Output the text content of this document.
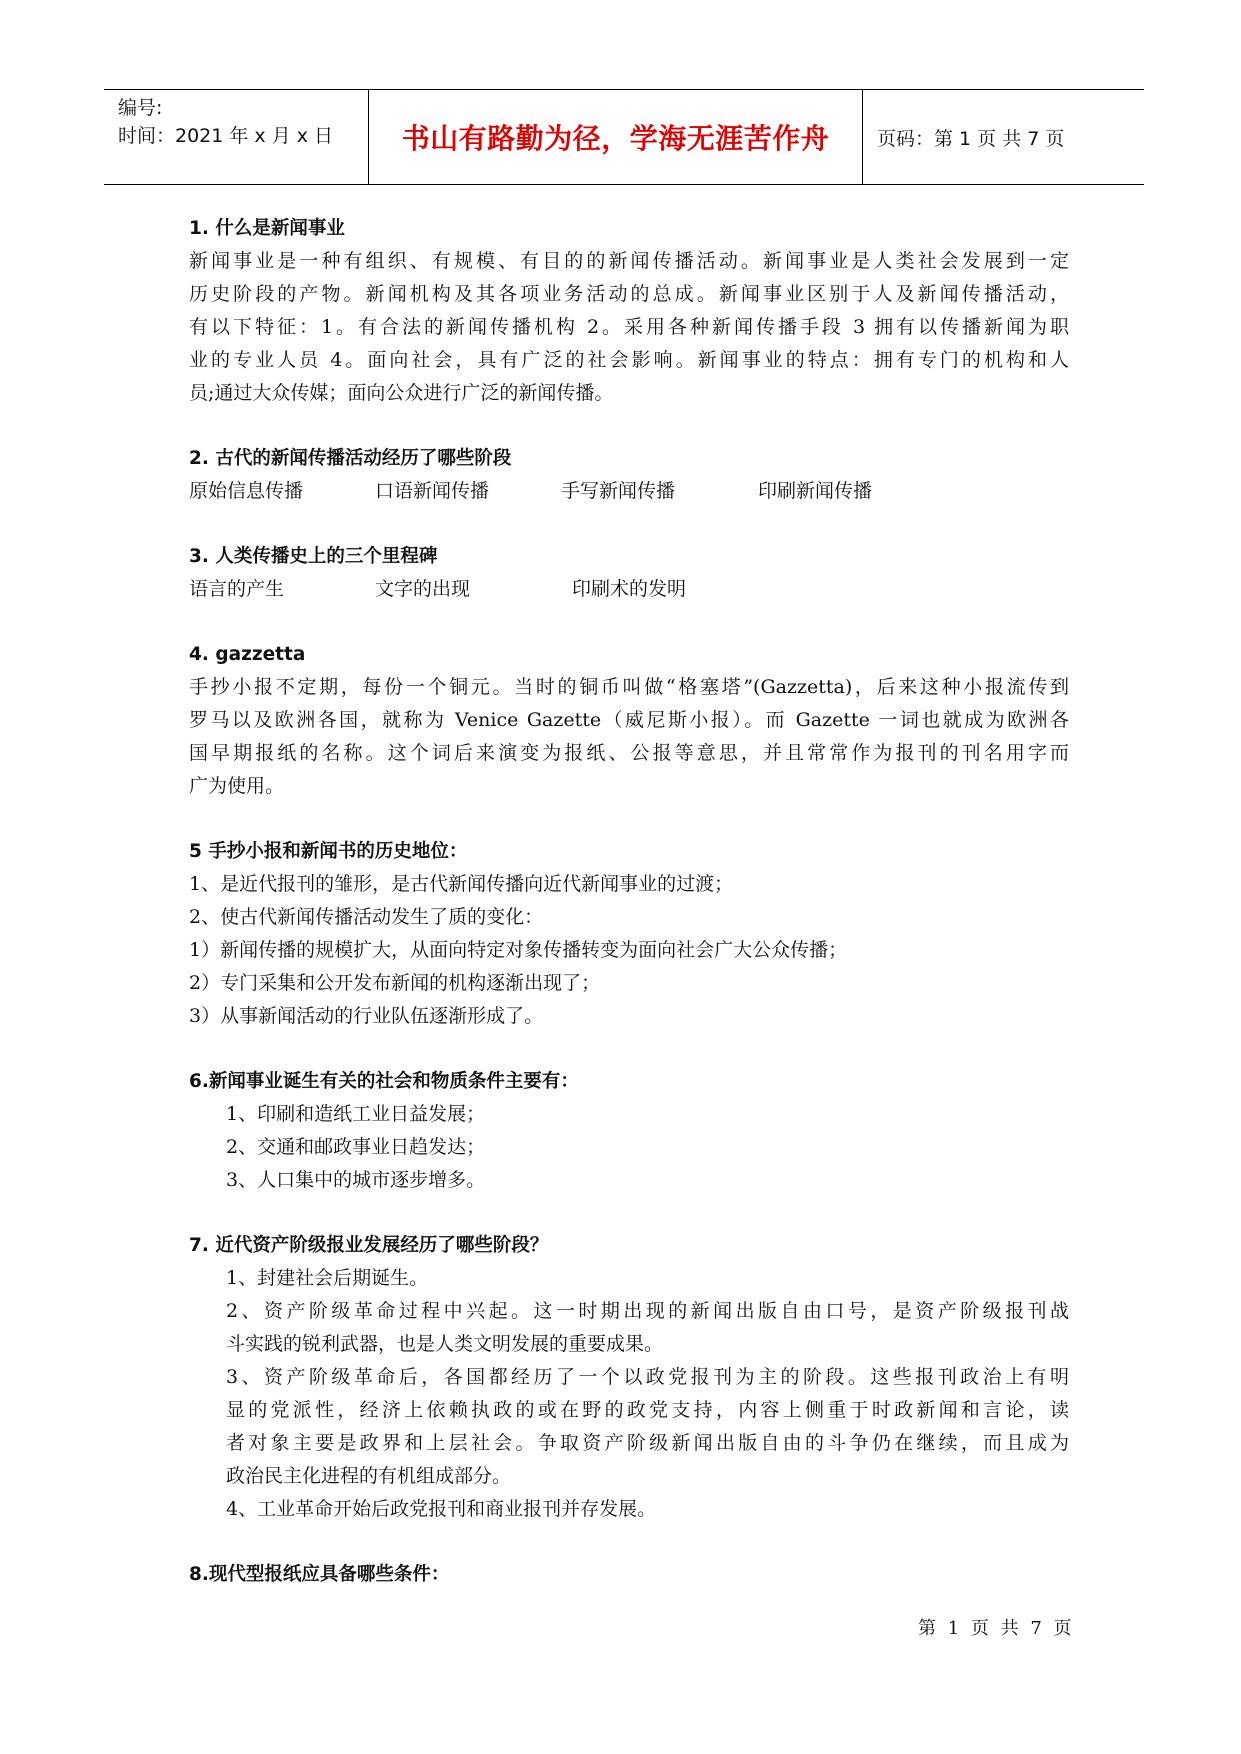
编号:
时间：2021 年 x 月 x 日	书山有路勤为径，学海无涯苦作舟	页码：第 1 页 共 7 页
1. 什么是新闻事业
新闻事业是一种有组织、有规模、有目的的新闻传播活动。新闻事业是人类社会发展到一定
历史阶段的产物。新闻机构及其各项业务活动的总成。新闻事业区别于人及新闻传播活动，
有以下特征：1。有合法的新闻传播机构 2。采用各种新闻传播手段 3 拥有以传播新闻为职
业的专业人员 4。面向社会，具有广泛的社会影响。新闻事业的特点：拥有专门的机构和人
员;通过大众传媒；面向公众进行广泛的新闻传播。
2. 古代的新闻传播活动经历了哪些阶段
原始信息传播	口语新闻传播	手写新闻传播	印刷新闻传播
3. 人类传播史上的三个里程碑
语言的产生	文字的出现	印刷术的发明
4. gazzetta
手抄小报不定期，每份一个铜元。当时的铜币叫做“格塞塔”(Gazzetta)，后来这种小报流传到
罗马以及欧洲各国，就称为 Venice Gazette（威尼斯小报）。而 Gazette 一词也就成为欧洲各
国早期报纸的名称。这个词后来演变为报纸、公报等意思，并且常常作为报刊的刊名用字而
广为使用。
5 手抄小报和新闻书的历史地位：
1、是近代报刊的雏形，是古代新闻传播向近代新闻事业的过渡；
2、使古代新闻传播活动发生了质的变化：
1）新闻传播的规模扩大，从面向特定对象传播转变为面向社会广大公众传播；
2）专门采集和公开发布新闻的机构逐渐出现了；
3）从事新闻活动的行业队伍逐渐形成了。
6.新闻事业诞生有关的社会和物质条件主要有：
1、印刷和造纸工业日益发展；
2、交通和邮政事业日趋发达；
3、人口集中的城市逐步增多。
7. 近代资产阶级报业发展经历了哪些阶段？
1、封建社会后期诞生。
2、资产阶级革命过程中兴起。这一时期出现的新闻出版自由口号，是资产阶级报刊战
斗实践的锐利武器，也是人类文明发展的重要成果。
3、资产阶级革命后，各国都经历了一个以政党报刊为主的阶段。这些报刊政治上有明
显的党派性，经济上依赖执政的或在野的政党支持，内容上侧重于时政新闻和言论，读
者对象主要是政界和上层社会。争取资产阶级新闻出版自由的斗争仍在继续，而且成为
政治民主化进程的有机组成部分。
4、工业革命开始后政党报刊和商业报刊并存发展。
8.现代型报纸应具备哪些条件：
第 1 页 共 7 页
